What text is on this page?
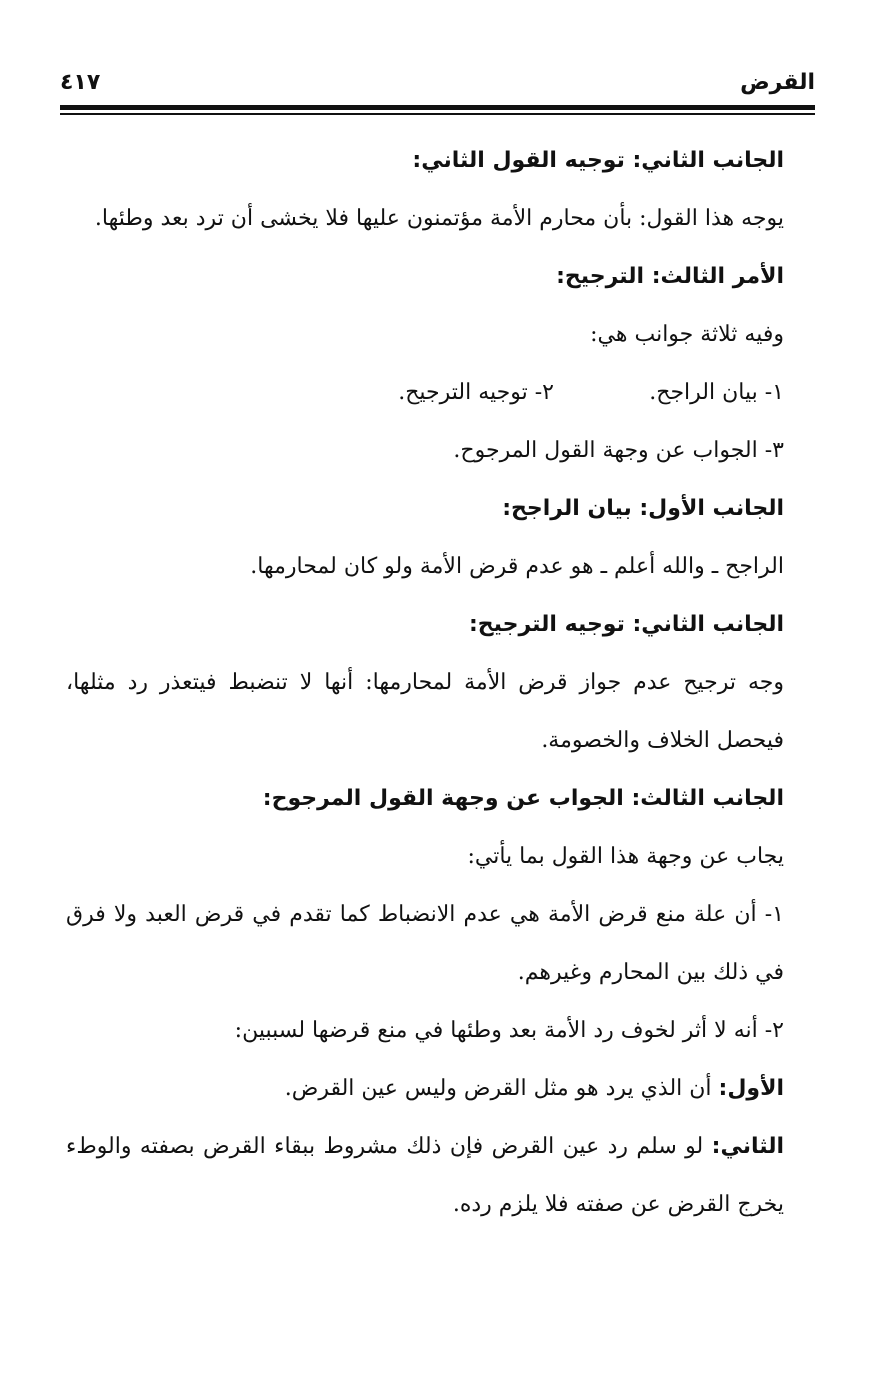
القرض
٤١٧

الجانب الثاني: توجيه القول الثاني:

يوجه هذا القول: بأن محارم الأمة مؤتمنون عليها فلا يخشى أن ترد بعد وطئها.

الأمر الثالث: الترجيح:

وفيه ثلاثة جوانب هي:

١- بيان الراجح.
٢- توجيه الترجيح.

٣- الجواب عن وجهة القول المرجوح.

الجانب الأول: بيان الراجح:

الراجح ـ والله أعلم ـ هو عدم قرض الأمة ولو كان لمحارمها.

الجانب الثاني: توجيه الترجيح:

وجه ترجيح عدم جواز قرض الأمة لمحارمها: أنها لا تنضبط فيتعذر رد مثلها، فيحصل الخلاف والخصومة.

الجانب الثالث: الجواب عن وجهة القول المرجوح:

يجاب عن وجهة هذا القول بما يأتي:

١- أن علة منع قرض الأمة هي عدم الانضباط كما تقدم في قرض العبد ولا فرق في ذلك بين المحارم وغيرهم.

٢- أنه لا أثر لخوف رد الأمة بعد وطئها في منع قرضها لسببين:

الأول: أن الذي يرد هو مثل القرض وليس عين القرض.

الثاني: لو سلم رد عين القرض فإن ذلك مشروط ببقاء القرض بصفته والوطء يخرج القرض عن صفته فلا يلزم رده.
